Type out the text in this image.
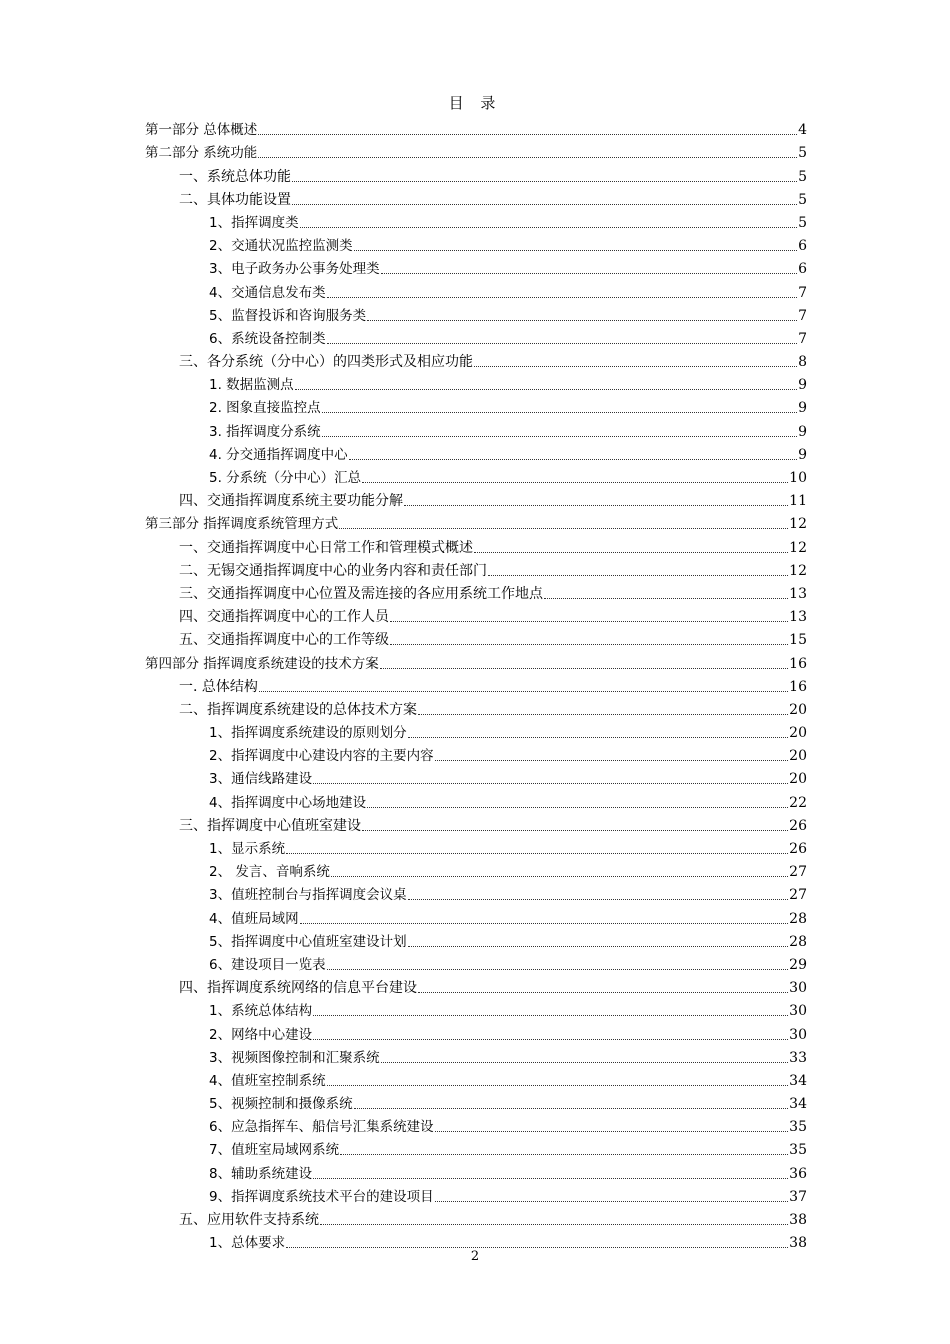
目 录
第一部分 总体概述	4
第二部分 系统功能	5
一、系统总体功能	5
二、具体功能设置	5
1、指挥调度类	5
2、交通状况监控监测类	6
3、电子政务办公事务处理类	6
4、交通信息发布类	7
5、监督投诉和咨询服务类	7
6、系统设备控制类	7
三、各分系统（分中心）的四类形式及相应功能	8
1. 数据监测点	9
2. 图象直接监控点	9
3. 指挥调度分系统	9
4. 分交通指挥调度中心	9
5. 分系统（分中心）汇总	10
四、交通指挥调度系统主要功能分解	11
第三部分 指挥调度系统管理方式	12
一、交通指挥调度中心日常工作和管理模式概述	12
二、无锡交通指挥调度中心的业务内容和责任部门	12
三、交通指挥调度中心位置及需连接的各应用系统工作地点	13
四、交通指挥调度中心的工作人员	13
五、交通指挥调度中心的工作等级	15
第四部分 指挥调度系统建设的技术方案	16
一. 总体结构	16
二、指挥调度系统建设的总体技术方案	20
1、指挥调度系统建设的原则划分	20
2、指挥调度中心建设内容的主要内容	20
3、通信线路建设	20
4、指挥调度中心场地建设	22
三、指挥调度中心值班室建设	26
1、显示系统	26
2、 发言、音响系统	27
3、值班控制台与指挥调度会议桌	27
4、值班局域网	28
5、指挥调度中心值班室建设计划	28
6、建设项目一览表	29
四、指挥调度系统网络的信息平台建设	30
1、系统总体结构	30
2、网络中心建设	30
3、视频图像控制和汇聚系统	33
4、值班室控制系统	34
5、视频控制和摄像系统	34
6、应急指挥车、船信号汇集系统建设	35
7、值班室局域网系统	35
8、辅助系统建设	36
9、指挥调度系统技术平台的建设项目	37
五、应用软件支持系统	38
1、总体要求	38
2
